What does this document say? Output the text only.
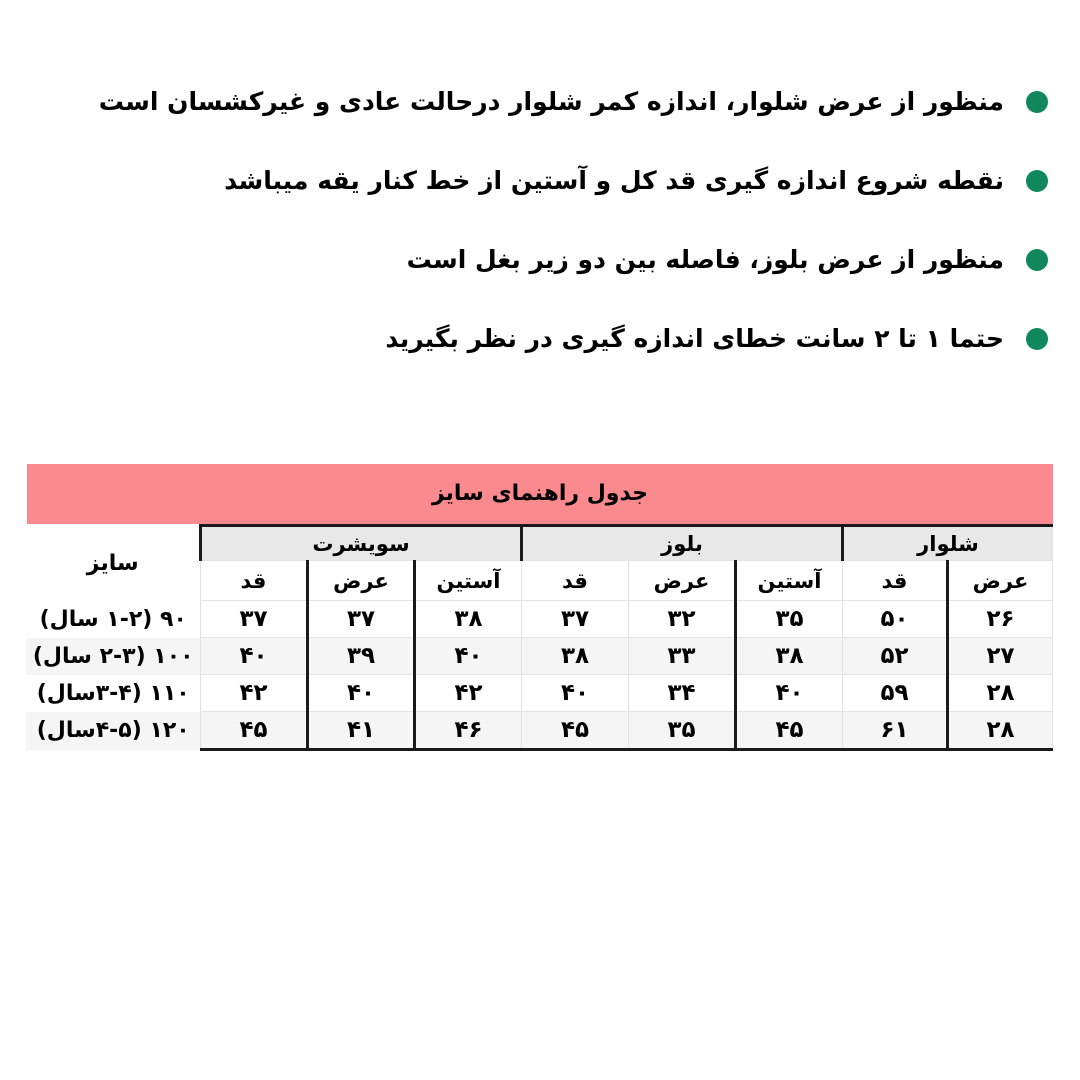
منظور از عرض شلوار، اندازه کمر شلوار درحالت عادی و غیرکشسان است
نقطه شروع اندازه گیری قد کل و آستین از خط کنار یقه میباشد
منظور از عرض بلوز، فاصله بین دو زیر بغل است
حتما ۱ تا ۲ سانت خطای اندازه گیری در نظر بگیرید
جدول راهنمای سایز
شلوار		بلوز			سویشرت			سایز
عرض	قد	آستین	عرض	قد	آستین	عرض	قد	
۲۶	۵۰	۳۵	۳۲	۳۷	۳۸	۳۷	۳۷	۹۰ (۱-۲ سال)
۲۷	۵۲	۳۸	۳۳	۳۸	۴۰	۳۹	۴۰	۱۰۰ (۲-۳ سال)
۲۸	۵۹	۴۰	۳۴	۴۰	۴۲	۴۰	۴۲	۱۱۰ (۳-۴سال)
۲۸	۶۱	۴۵	۳۵	۴۵	۴۶	۴۱	۴۵	۱۲۰ (۴-۵سال)
